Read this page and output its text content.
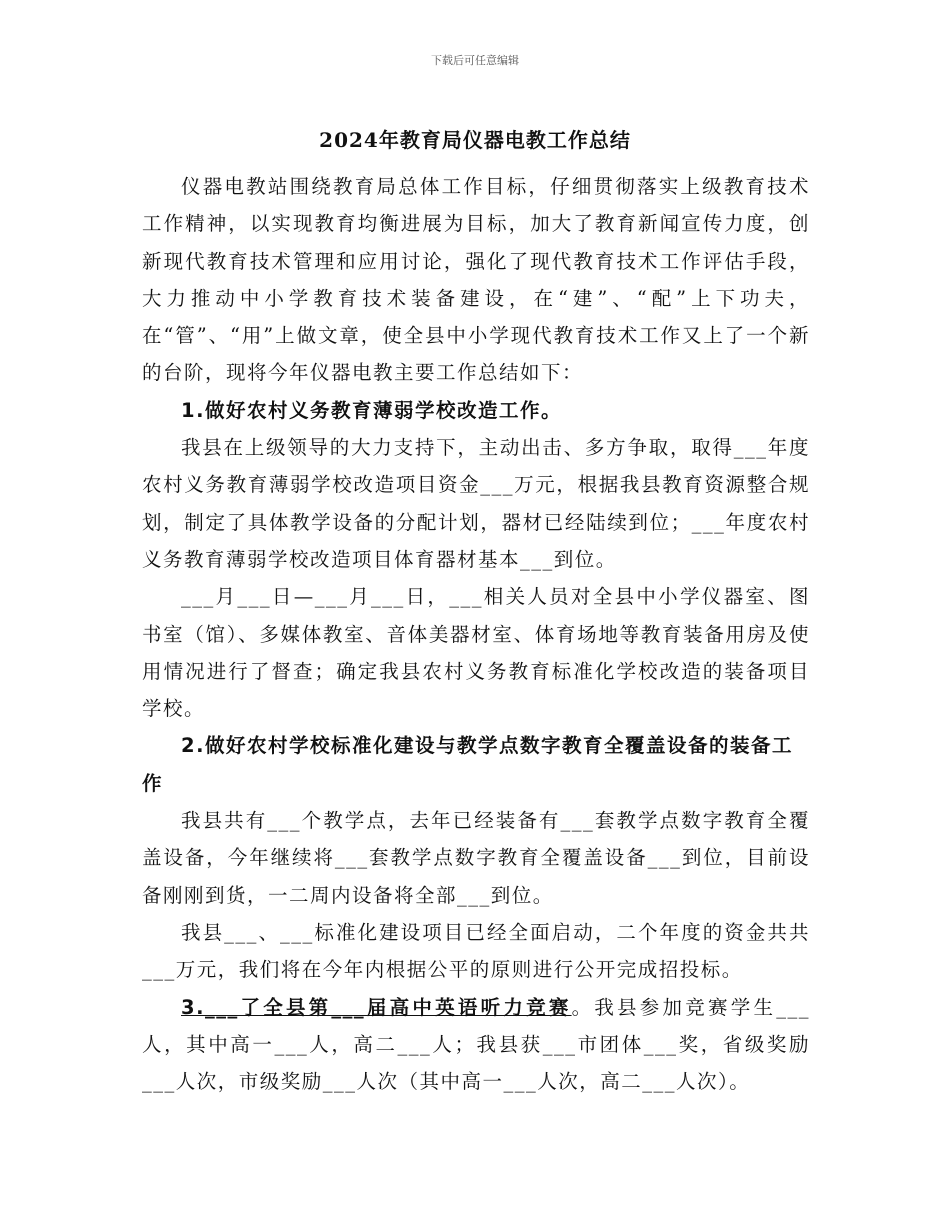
下载后可任意编辑
2024年教育局仪器电教工作总结

仪器电教站围绕教育局总体工作目标，仔细贯彻落实上级教育技术工作精神，以实现教育均衡进展为目标，加大了教育新闻宣传力度，创新现代教育技术管理和应用讨论，强化了现代教育技术工作评估手段，大力推动中小学教育技术装备建设，在“建”、“配”上下功夫，在“管”、“用”上做文章，使全县中小学现代教育技术工作又上了一个新的台阶，现将今年仪器电教主要工作总结如下：

1.做好农村义务教育薄弱学校改造工作。

我县在上级领导的大力支持下，主动出击、多方争取，取得___年度农村义务教育薄弱学校改造项目资金___万元，根据我县教育资源整合规划，制定了具体教学设备的分配计划，器材已经陆续到位；___年度农村义务教育薄弱学校改造项目体育器材基本___到位。

___月___日—___月___日，___相关人员对全县中小学仪器室、图书室（馆）、多媒体教室、音体美器材室、体育场地等教育装备用房及使用情况进行了督查；确定我县农村义务教育标准化学校改造的装备项目学校。

2.做好农村学校标准化建设与教学点数字教育全覆盖设备的装备工作

我县共有___个教学点，去年已经装备有___套教学点数字教育全覆盖设备，今年继续将___套教学点数字教育全覆盖设备___到位，目前设备刚刚到货，一二周内设备将全部___到位。

我县___、___标准化建设项目已经全面启动，二个年度的资金共共___万元，我们将在今年内根据公平的原则进行公开完成招投标。

3.___了全县第___届高中英语听力竞赛。我县参加竞赛学生___人，其中高一___人，高二___人；我县获___市团体___奖，省级奖励___人次，市级奖励___人次（其中高一___人次，高二___人次）。
